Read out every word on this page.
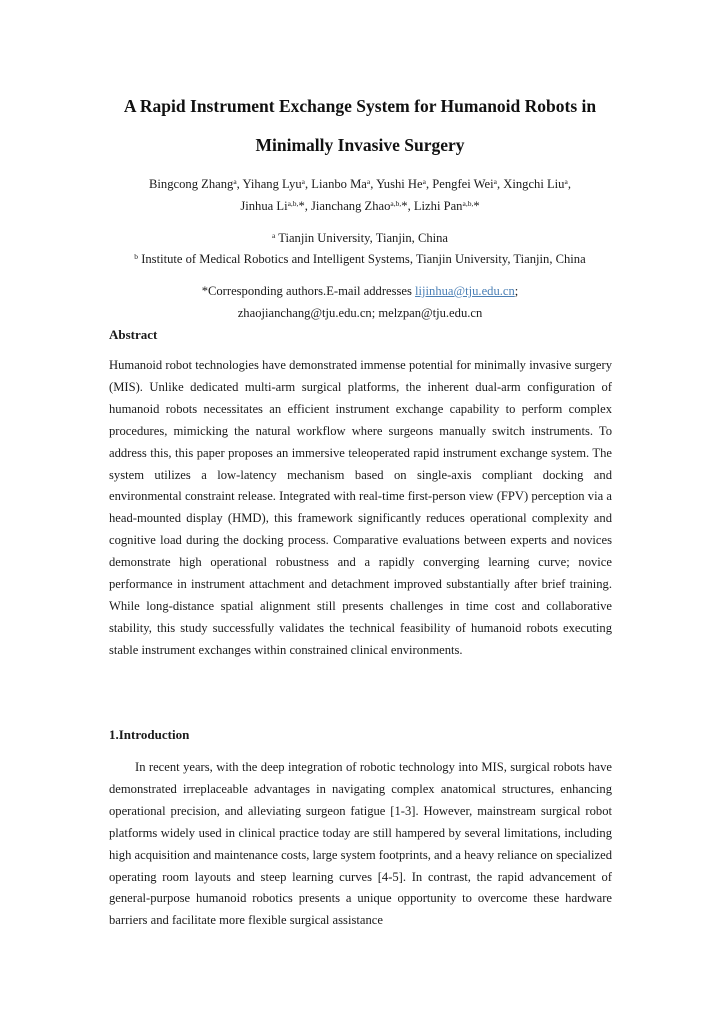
A Rapid Instrument Exchange System for Humanoid Robots in
Minimally Invasive Surgery
Bingcong Zhang$^a$, Yihang Lyu$^a$, Lianbo Ma$^a$, Yushi He$^a$, Pengfei Wei$^a$, Xingchi Liu$^a$,
Jinhua $Li^{a,b,}*$, Jianchang Zhao$^{a,b,}$*, Lizhi Pan$^{a,b,}$*
$^a$ Tianjin University, Tianjin, China
$^b$ Institute of Medical Robotics and Intelligent Systems, Tianjin University, Tianjin, China
*Corresponding authors.E-mail addresses lijinhua@tju.edu.cn;
zhaojianchang@tju.edu.cn; melzpan@tju.edu.cn
Abstract

Humanoid robot technologies have demonstrated immense potential for minimally invasive surgery (MIS). Unlike dedicated multi-arm surgical platforms, the inherent dual-arm configuration of humanoid robots necessitates an efficient instrument exchange capability to perform complex procedures, mimicking the natural workflow where surgeons manually switch instruments. To address this, this paper proposes an immersive teleoperated rapid instrument exchange system. The system utilizes a low-latency mechanism based on single-axis compliant docking and environmental constraint release. Integrated with real-time first-person view (FPV) perception via a head-mounted display (HMD), this framework significantly reduces operational complexity and cognitive load during the docking process. Comparative evaluations between experts and novices demonstrate high operational robustness and a rapidly converging learning curve; novice performance in instrument attachment and detachment improved substantially after brief training. While long-distance spatial alignment still presents challenges in time cost and collaborative stability, this study successfully validates the technical feasibility of humanoid robots executing stable instrument exchanges within constrained clinical environments.

1.Introduction

In recent years, with the deep integration of robotic technology into MIS, surgical robots have demonstrated irreplaceable advantages in navigating complex anatomical structures, enhancing operational precision, and alleviating surgeon fatigue [1-3]. However, mainstream surgical robot platforms widely used in clinical practice today are still hampered by several limitations, including high acquisition and maintenance costs, large system footprints, and a heavy reliance on specialized operating room layouts and steep learning curves [4-5]. In contrast, the rapid advancement of general-purpose humanoid robotics presents a unique opportunity to overcome these hardware barriers and facilitate more flexible surgical assistance
